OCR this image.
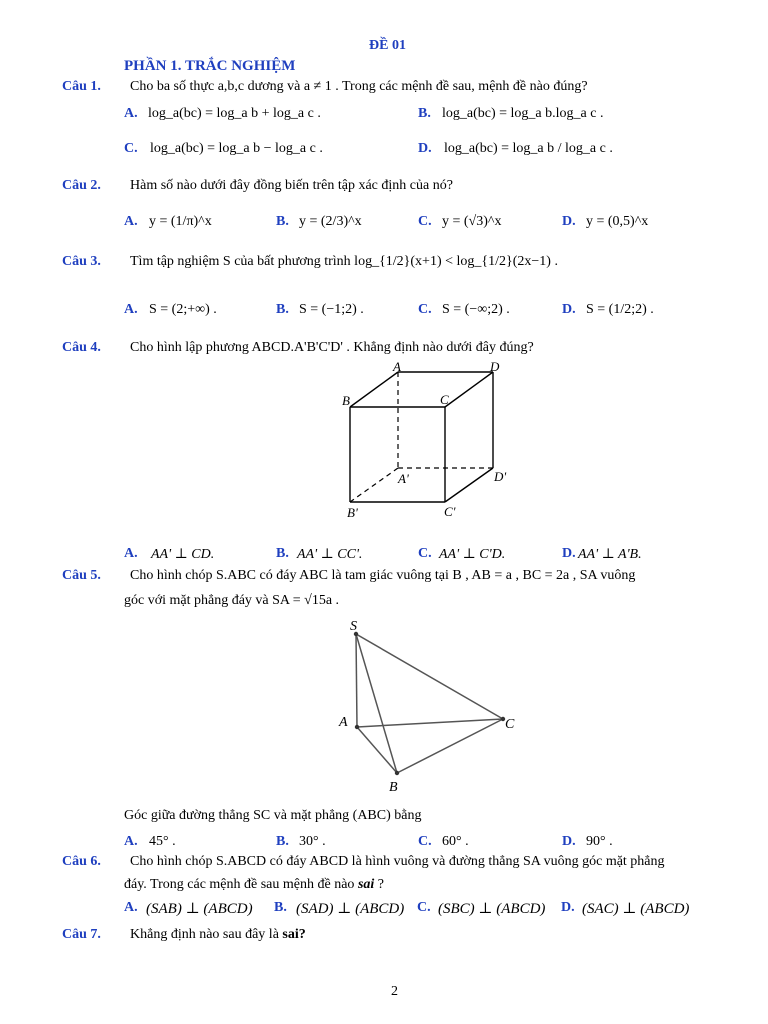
ĐỀ 01
PHẦN 1. TRẮC NGHIỆM
Câu 1. Cho ba số thực a,b,c dương và a ≠ 1 . Trong các mệnh đề sau, mệnh đề nào đúng?
A. log_a(bc) = log_a b + log_a c .	B. log_a(bc) = log_a b.log_a c .
C. log_a(bc) = log_a b − log_a c .	D. log_a(bc) = log_a b / log_a c .
Câu 2. Hàm số nào dưới đây đồng biến trên tập xác định của nó?
A. y = (1/π)^x	B. y = (2/3)^x	C. y = (√3)^x	D. y = (0,5)^x
Câu 3. Tìm tập nghiệm S của bất phương trình log_{1/2}(x+1) < log_{1/2}(2x−1) .
A. S = (2;+∞) .	B. S = (−1;2) .	C. S = (−∞;2) .	D. S = (1/2;2) .
Câu 4. Cho hình lập phương ABCD.A'B'C'D' . Khẳng định nào dưới đây đúng?
A	D
B	C
A'	D'
B'	C'
A. AA' ⊥ CD.	B. AA' ⊥ CC'.	C. AA' ⊥ C'D.	D. AA' ⊥ A'B.
Câu 5. Cho hình chóp S.ABC có đáy ABC là tam giác vuông tại B , AB = a , BC = 2a , SA vuông
góc với mặt phẳng đáy và SA = √15a .
S
A	C
B
Góc giữa đường thẳng SC và mặt phẳng (ABC) bằng
A. 45° .	B. 30° .	C. 60° .	D. 90° .
Câu 6. Cho hình chóp S.ABCD có đáy ABCD là hình vuông và đường thẳng SA vuông góc mặt phẳng
đáy. Trong các mệnh đề sau mệnh đề nào sai ?
A. (SAB) ⊥ (ABCD) B. (SAD) ⊥ (ABCD) C. (SBC) ⊥ (ABCD) D. (SAC) ⊥ (ABCD)
Câu 7. Khẳng định nào sau đây là sai?
2
